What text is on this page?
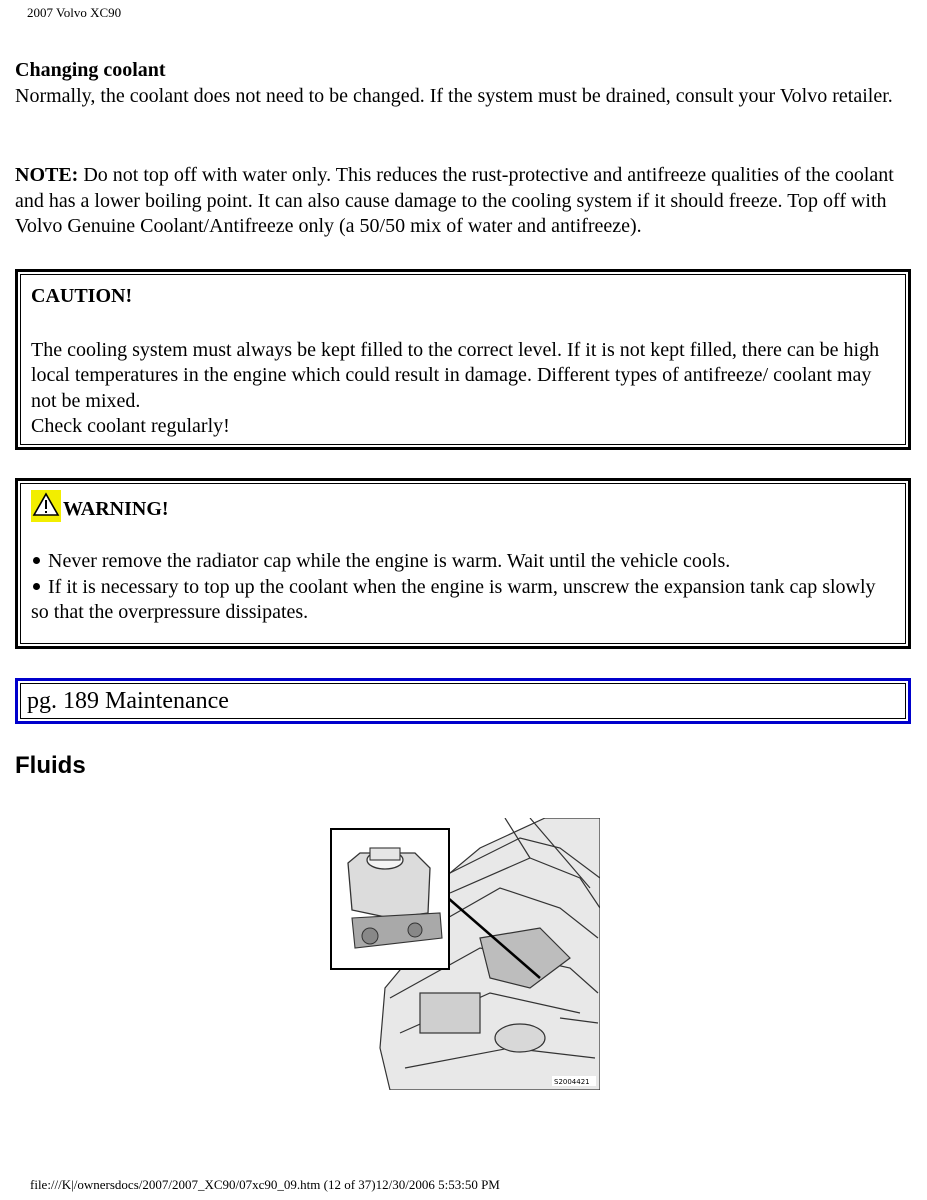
2007 Volvo XC90
Changing coolant
Normally, the coolant does not need to be changed. If the system must be drained, consult your Volvo retailer.
NOTE: Do not top off with water only. This reduces the rust-protective and antifreeze qualities of the coolant and has a lower boiling point. It can also cause damage to the cooling system if it should freeze. Top off with Volvo Genuine Coolant/Antifreeze only (a 50/50 mix of water and antifreeze).
CAUTION!
The cooling system must always be kept filled to the correct level. If it is not kept filled, there can be high local temperatures in the engine which could result in damage. Different types of antifreeze/ coolant may not be mixed.
Check coolant regularly!
WARNING!
Never remove the radiator cap while the engine is warm. Wait until the vehicle cools.
If it is necessary to top up the coolant when the engine is warm, unscrew the expansion tank cap slowly so that the overpressure dissipates.
pg. 189 Maintenance
Fluids
S2004421
file:///K|/ownersdocs/2007/2007_XC90/07xc90_09.htm (12 of 37)12/30/2006 5:53:50 PM
